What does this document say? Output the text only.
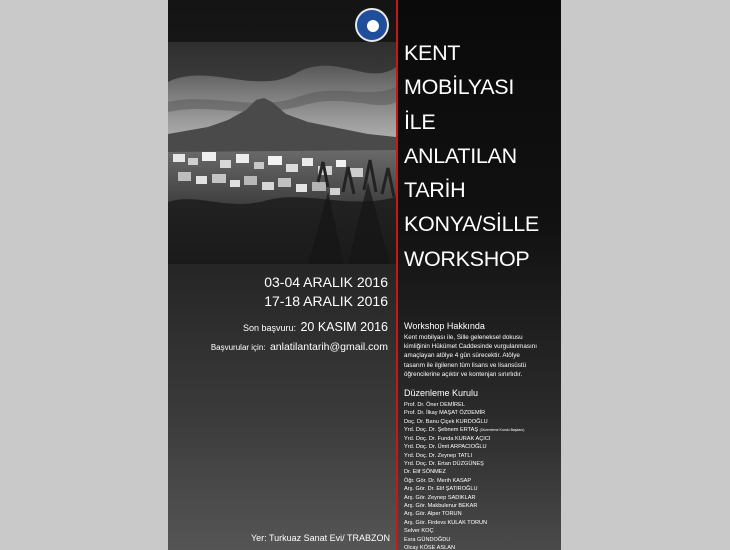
KENT
MOBİLYASI
İLE
ANLATILAN
TARİH
KONYA/SİLLE
WORKSHOP
03-04 ARALIK 2016
17-18 ARALIK 2016
Son başvuru: 20 KASIM 2016
Başvurular için: anlatilantarih@gmail.com
Yer: Turkuaz Sanat Evi/ TRABZON
Workshop Hakkında
Kent mobilyası ile, Sille geleneksel dokusu
kimliğinin Hükümet Caddesinde vurgulanmasını
amaçlayan atölye 4 gün sürecektir. Atölye
tasarım ile ilgilenen tüm lisans ve lisansüstü
öğrencilerine açıktır ve kontenjan sınırlıdır.
Düzenleme Kurulu
Prof. Dr. Öner DEMİREL
Prof. Dr. İlkay MAŞAT ÖZDEMİR
Doç. Dr. Banu Çiçek KURDOĞLU
Yrd. Doç. Dr. Şebnem ERTAŞ (Düzenleme Kurulu Başkanı)
Yrd. Doç. Dr. Funda KURAK AÇICI
Yrd. Doç. Dr. Ümit ARPACIOĞLU
Yrd. Doç. Dr. Zeynep TATLI
Yrd. Doç. Dr. Ertan DÜZGÜNEŞ
Dr. Elif SÖNMEZ
Öğr. Gör. Dr. Merih KASAP
Arş. Gör. Dr. Elif ŞATIROĞLU
Arş. Gör. Zeynep SADIKLAR
Arş. Gör. Makbulenur BEKAR
Arş. Gör. Alper TORUN
Arş. Gör. Firdevs KULAK TORUN
Selver KOÇ
Esra GÜNDOĞDU
Olcay KÖSE ASLAN
